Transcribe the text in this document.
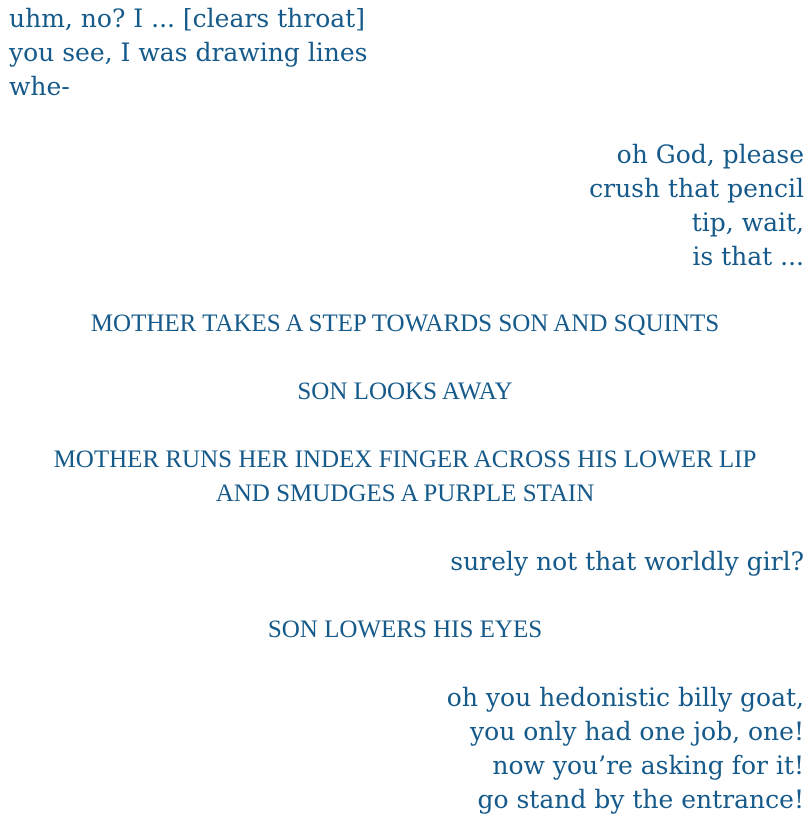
uhm, no? I ... [clears throat]
you see, I was drawing lines
whe-
oh God, please
crush that pencil
tip, wait,
is that ...
MOTHER TAKES A STEP TOWARDS SON AND SQUINTS
SON LOOKS AWAY
MOTHER RUNS HER INDEX FINGER ACROSS HIS LOWER LIP
AND SMUDGES A PURPLE STAIN
surely not that worldly girl?
SON LOWERS HIS EYES
oh you hedonistic billy goat,
you only had one job, one!
now you’re asking for it!
go stand by the entrance!
